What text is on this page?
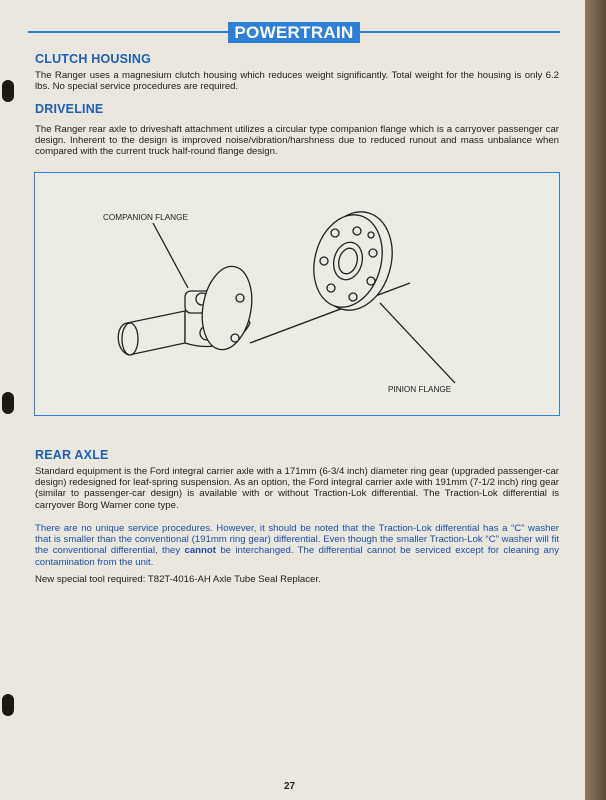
POWERTRAIN
CLUTCH HOUSING
The Ranger uses a magnesium clutch housing which reduces weight significantly. Total weight for the housing is only 6.2 lbs. No special service procedures are required.
DRIVELINE
The Ranger rear axle to driveshaft attachment utilizes a circular type companion flange which is a carryover passenger car design. Inherent to the design is improved noise/vibration/harshness due to reduced runout and mass unbalance when compared with the current truck half-round flange design.
COMPANION FLANGE
PINION FLANGE
REAR AXLE
Standard equipment is the Ford integral carrier axle with a 171mm (6-3/4 inch) diameter ring gear (upgraded passenger-car design) redesigned for leaf-spring suspension. As an option, the Ford integral carrier axle with 191mm (7-1/2 inch) ring gear (similar to passenger-car design) is available with or without Traction-Lok differential. The Traction-Lok differential is carryover Borg Warner cone type.
There are no unique service procedures. However, it should be noted that the Traction-Lok differential has a “C” washer that is smaller than the conventional (191mm ring gear) differential. Even though the smaller Traction-Lok “C” washer will fit the conventional differential, they cannot be interchanged. The differential cannot be serviced except for cleaning any contamination from the unit.
New special tool required: T82T-4016-AH Axle Tube Seal Replacer.
27
